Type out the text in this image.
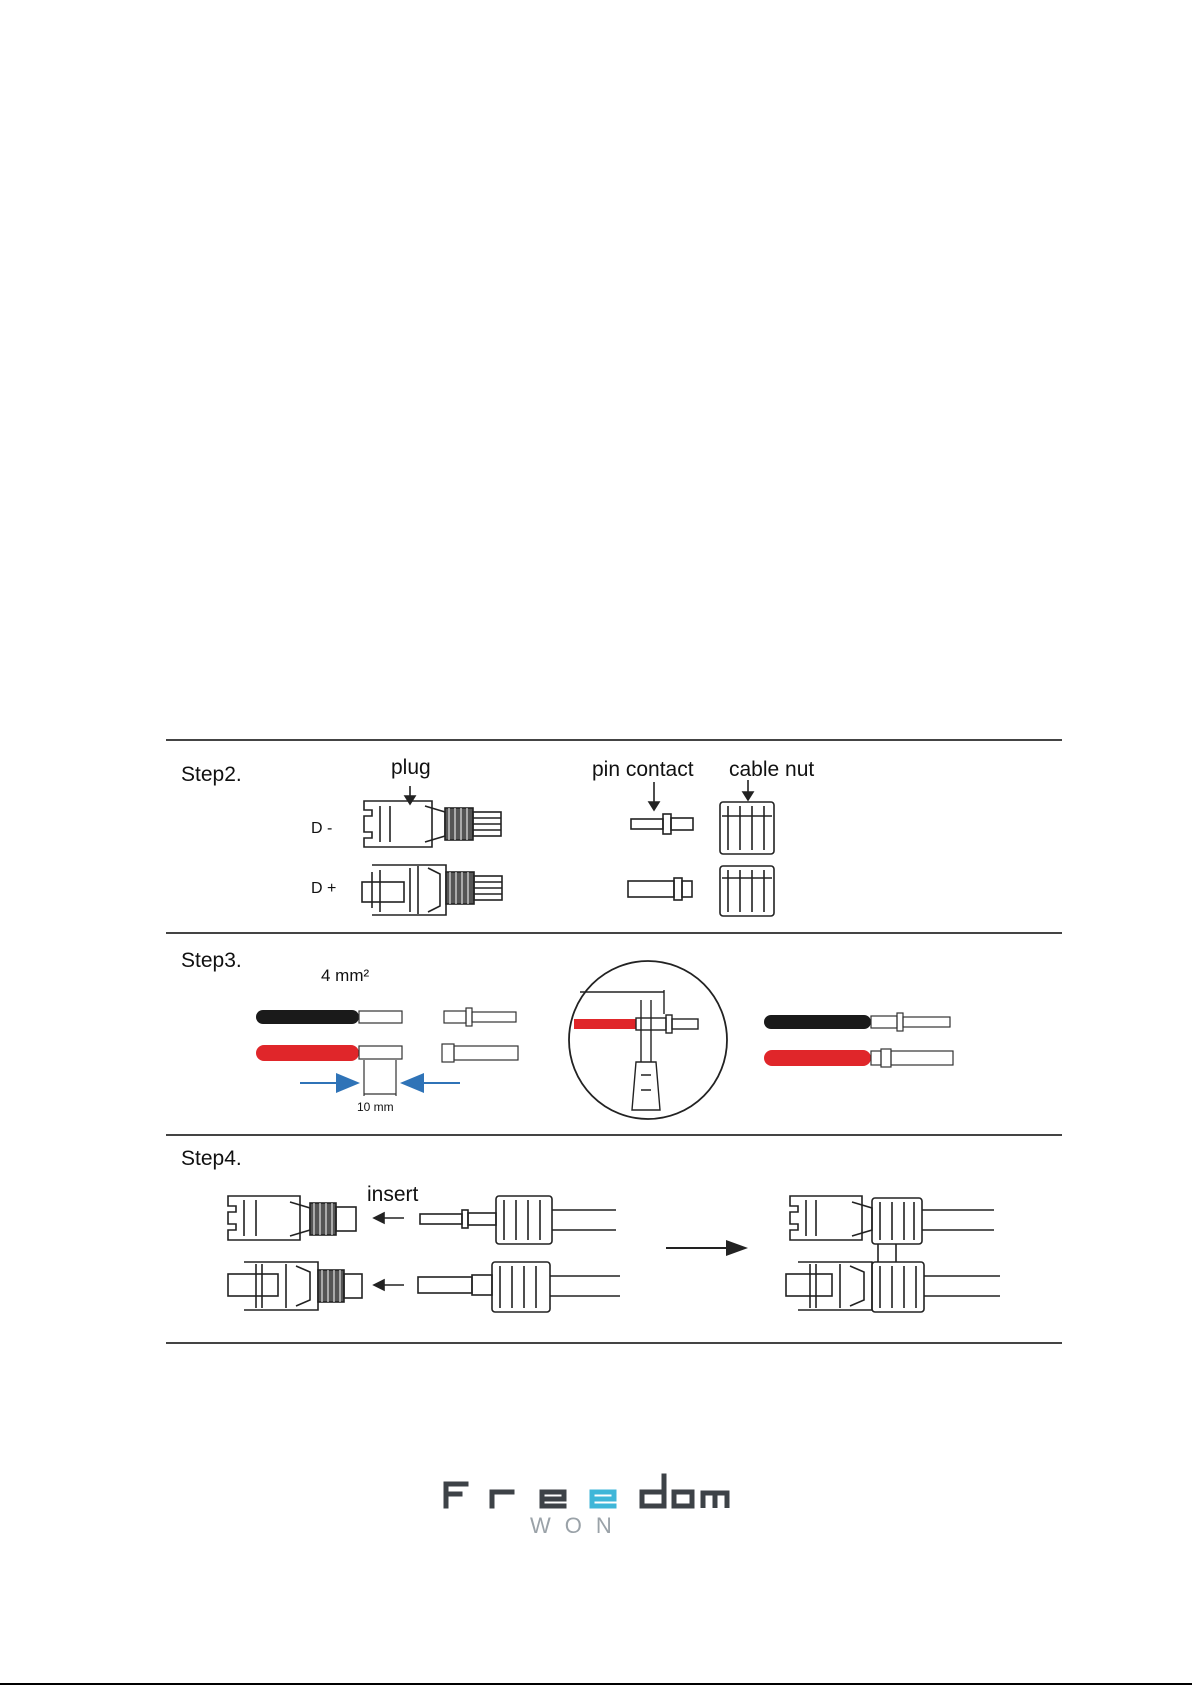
Step2.	plug	pin contact cable nut
D -
D +
Step3.
4 mm²
10 mm
Step4.
insert
WON
